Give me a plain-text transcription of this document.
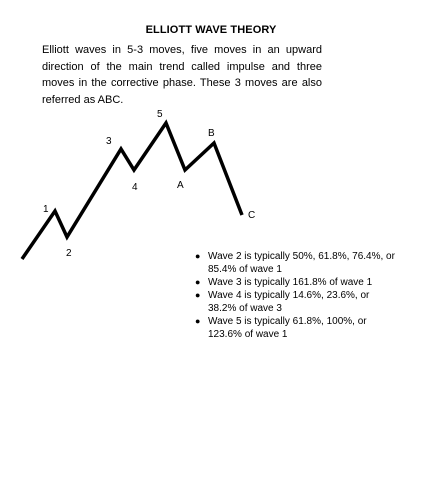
ELLIOTT WAVE THEORY
Elliott waves in 5-3 moves, five moves in an upward direction of the main trend called impulse and three moves in the corrective phase. These 3 moves are also referred as ABC.
1
2
3
4
5
A
B
C
● Wave 2 is typically 50%, 61.8%, 76.4%, or 85.4% of wave 1
● Wave 3 is typically 161.8% of wave 1
● Wave 4 is typically 14.6%, 23.6%, or 38.2% of wave 3
● Wave 5 is typically 61.8%, 100%, or 123.6% of wave 1
